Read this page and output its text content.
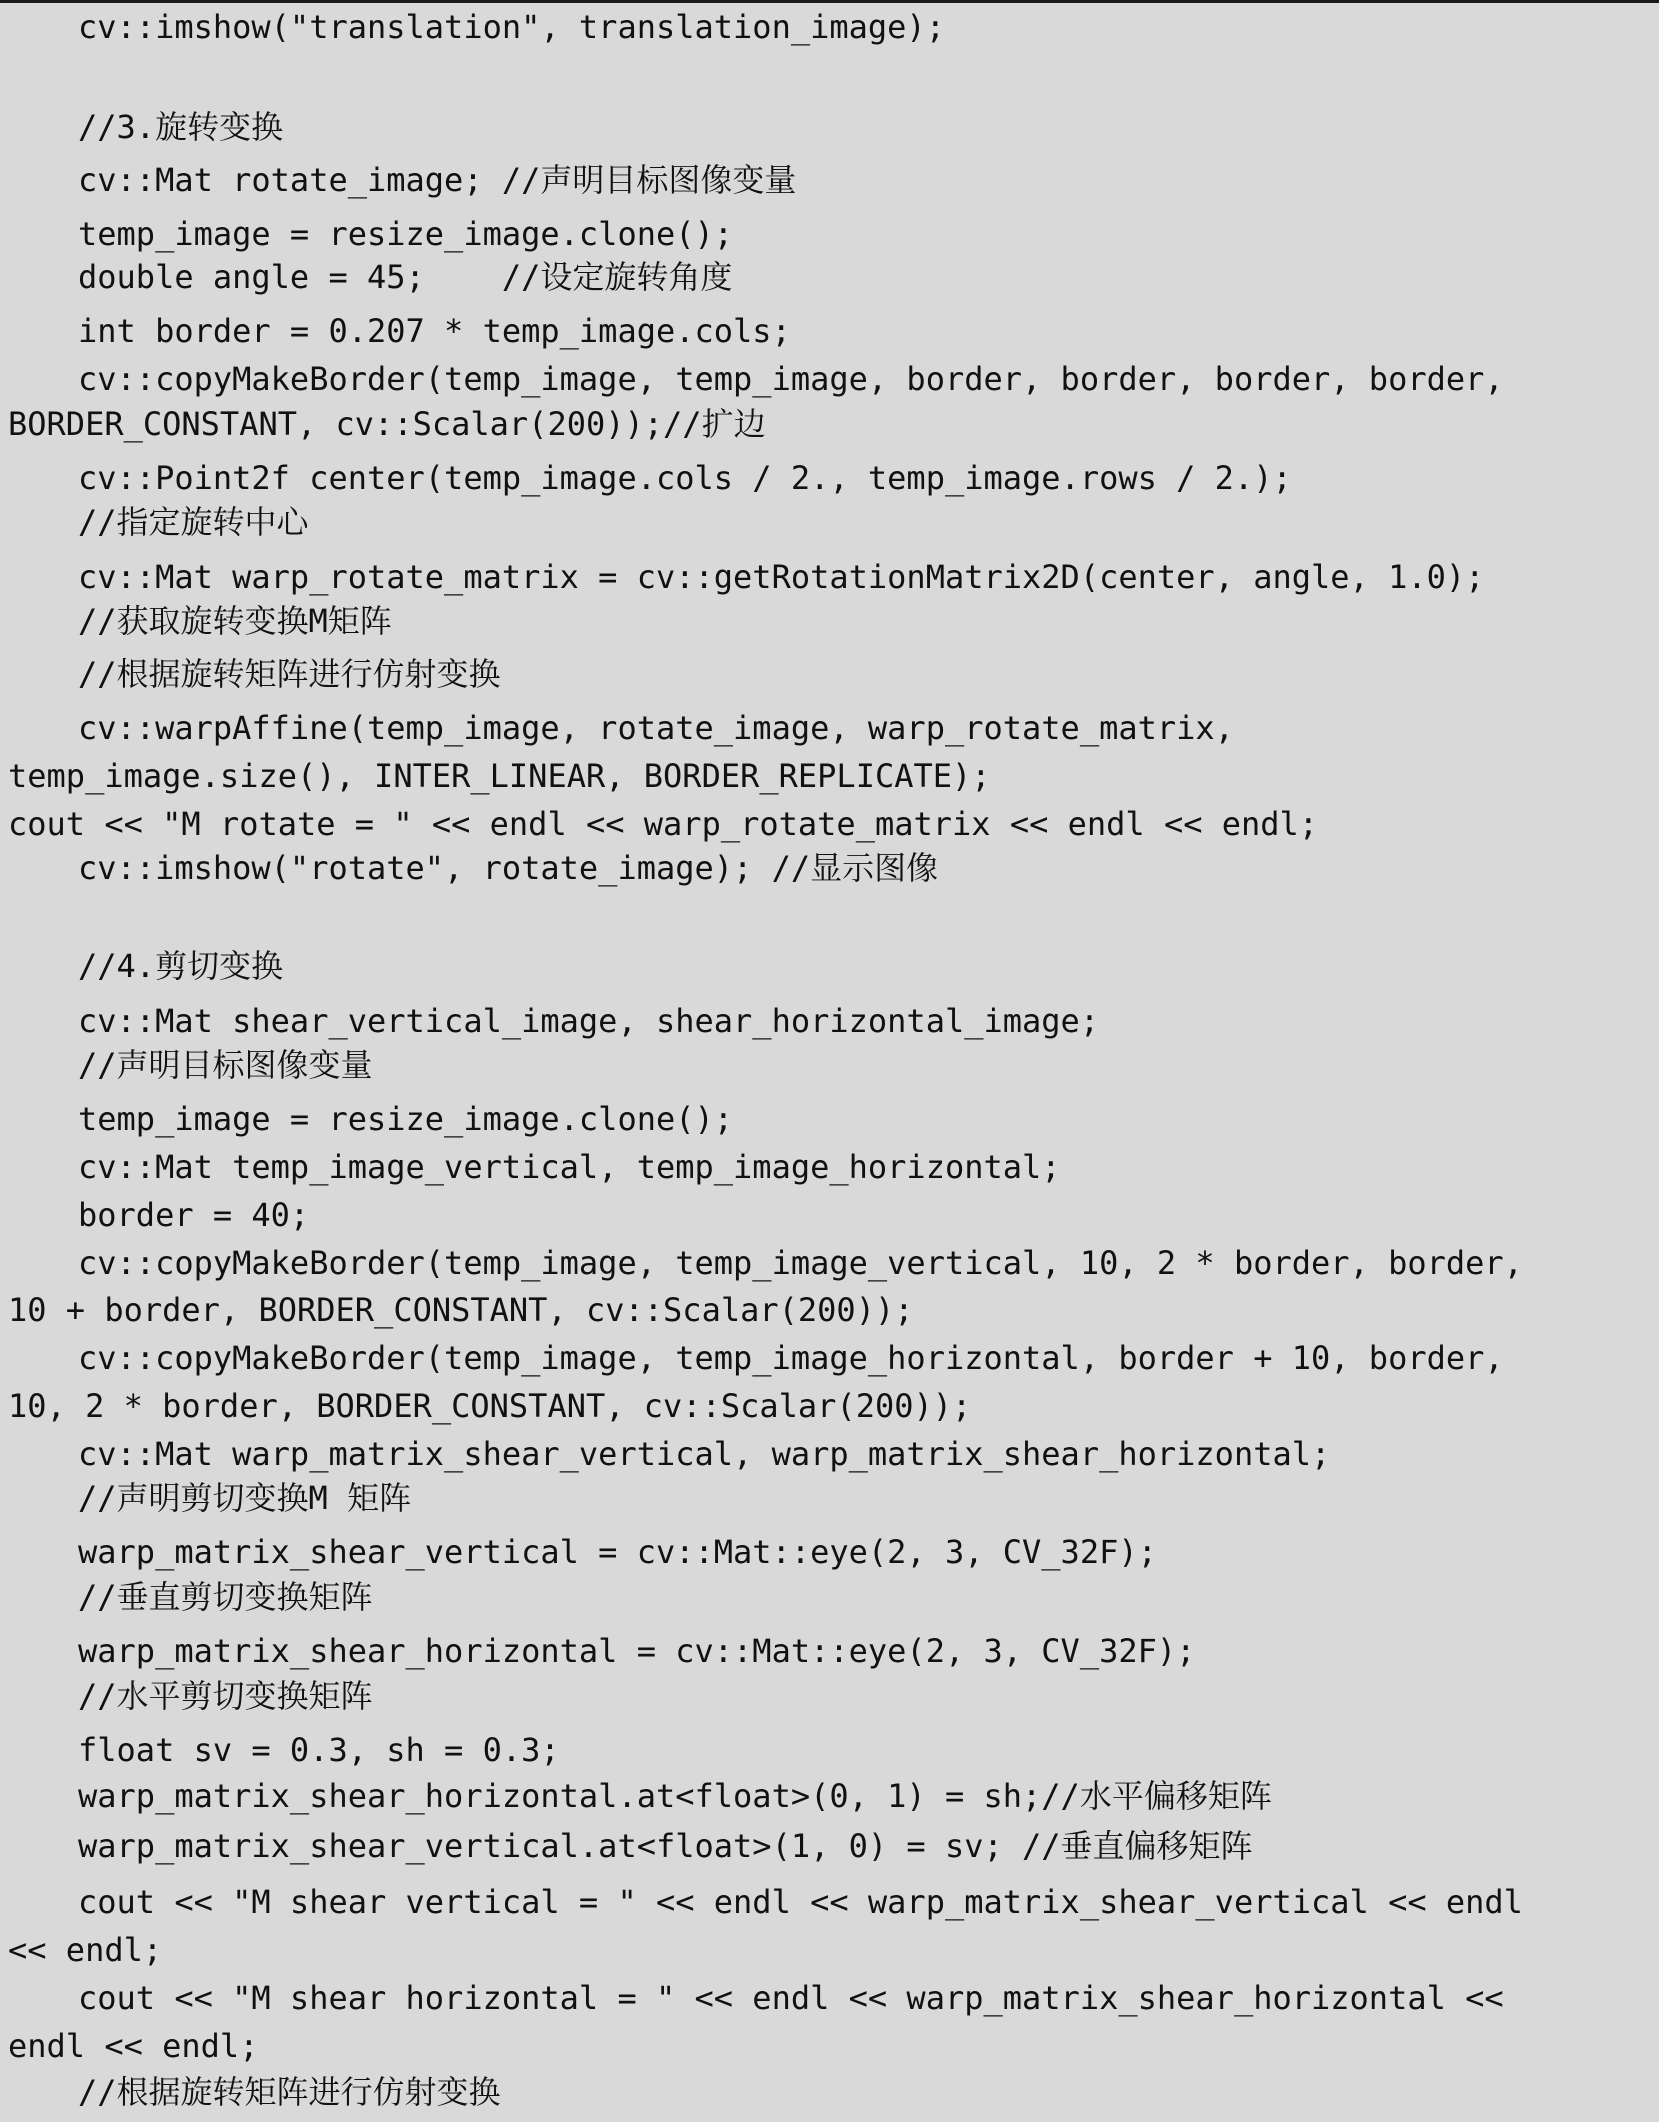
cv::imshow("translation", translation_image);

//3.旋转变换

cv::Mat rotate_image; //声明目标图像变量

temp_image = resize_image.clone();

double angle = 45;    //设定旋转角度

int border = 0.207 * temp_image.cols;

cv::copyMakeBorder(temp_image, temp_image, border, border, border, border,

BORDER_CONSTANT, cv::Scalar(200));//扩边

cv::Point2f center(temp_image.cols / 2., temp_image.rows / 2.);

//指定旋转中心

cv::Mat warp_rotate_matrix = cv::getRotationMatrix2D(center, angle, 1.0);

//获取旋转变换M矩阵

//根据旋转矩阵进行仿射变换

cv::warpAffine(temp_image, rotate_image, warp_rotate_matrix,

temp_image.size(), INTER_LINEAR, BORDER_REPLICATE);

cout << "M rotate = " << endl << warp_rotate_matrix << endl << endl;

cv::imshow("rotate", rotate_image); //显示图像

//4.剪切变换

cv::Mat shear_vertical_image, shear_horizontal_image;

//声明目标图像变量

temp_image = resize_image.clone();

cv::Mat temp_image_vertical, temp_image_horizontal;

border = 40;

cv::copyMakeBorder(temp_image, temp_image_vertical, 10, 2 * border, border,

10 + border, BORDER_CONSTANT, cv::Scalar(200));

cv::copyMakeBorder(temp_image, temp_image_horizontal, border + 10, border,

10, 2 * border, BORDER_CONSTANT, cv::Scalar(200));

cv::Mat warp_matrix_shear_vertical, warp_matrix_shear_horizontal;

//声明剪切变换M 矩阵

warp_matrix_shear_vertical = cv::Mat::eye(2, 3, CV_32F);

//垂直剪切变换矩阵

warp_matrix_shear_horizontal = cv::Mat::eye(2, 3, CV_32F);

//水平剪切变换矩阵

float sv = 0.3, sh = 0.3;

warp_matrix_shear_horizontal.at<float>(0, 1) = sh;//水平偏移矩阵

warp_matrix_shear_vertical.at<float>(1, 0) = sv; //垂直偏移矩阵

cout << "M shear vertical = " << endl << warp_matrix_shear_vertical << endl

<< endl;

cout << "M shear horizontal = " << endl << warp_matrix_shear_horizontal <<

endl << endl;

//根据旋转矩阵进行仿射变换
